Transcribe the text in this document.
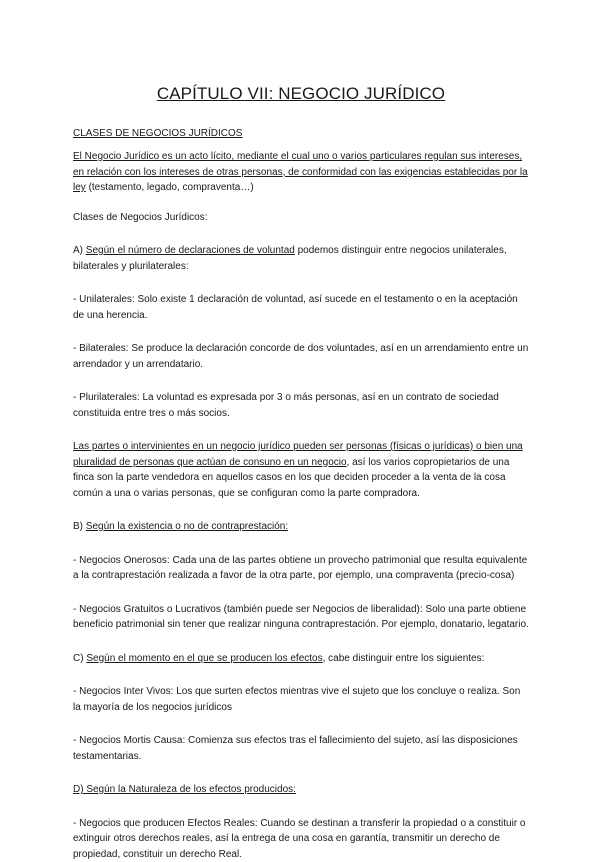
CAPÍTULO VII: NEGOCIO JURÍDICO
CLASES DE NEGOCIOS JURÍDICOS

El Negocio Jurídico es un acto lícito, mediante el cual uno o varios particulares regulan sus intereses, en relación con los intereses de otras personas, de conformidad con las exigencias establecidas por la ley (testamento, legado, compraventa…)

Clases de Negocios Jurídicos:

A) Según el número de declaraciones de voluntad podemos distinguir entre negocios unilaterales, bilaterales y plurilaterales:

- Unilaterales: Solo existe 1 declaración de voluntad, así sucede en el testamento o en la aceptación de una herencia.

- Bilaterales: Se produce la declaración concorde de dos voluntades, así en un arrendamiento entre un arrendador y un arrendatario.

- Plurilaterales: La voluntad es expresada por 3 o más personas, así en un contrato de sociedad constituida entre tres o más socios.

Las partes o intervinientes en un negocio jurídico pueden ser personas (físicas o jurídicas) o bien una pluralidad de personas que actúan de consuno en un negocio, así los varios copropietarios de una finca son la parte vendedora en aquellos casos en los que deciden proceder a la venta de la cosa común a una o varias personas, que se configuran como la parte compradora.

B) Según la existencia o no de contraprestación:

- Negocios Onerosos: Cada una de las partes obtiene un provecho patrimonial que resulta equivalente a la contraprestación realizada a favor de la otra parte, por ejemplo, una compraventa (precio-cosa)

- Negocios Gratuitos o Lucrativos (también puede ser Negocios de liberalidad): Solo una parte obtiene beneficio patrimonial sin tener que realizar ninguna contraprestación. Por ejemplo, donatario, legatario.

C) Según el momento en el que se producen los efectos, cabe distinguir entre los siguientes:

- Negocios Inter Vivos: Los que surten efectos mientras vive el sujeto que los concluye o realiza. Son la mayoría de los negocios jurídicos

- Negocios Mortis Causa: Comienza sus efectos tras el fallecimiento del sujeto, así las disposiciones testamentarias.

D) Según la Naturaleza de los efectos producidos:

- Negocios que producen Efectos Reales: Cuando se destinan a transferir la propiedad o a constituir o extinguir otros derechos reales, así la entrega de una cosa en garantía, transmitir un derecho de propiedad, constituir un derecho Real.
